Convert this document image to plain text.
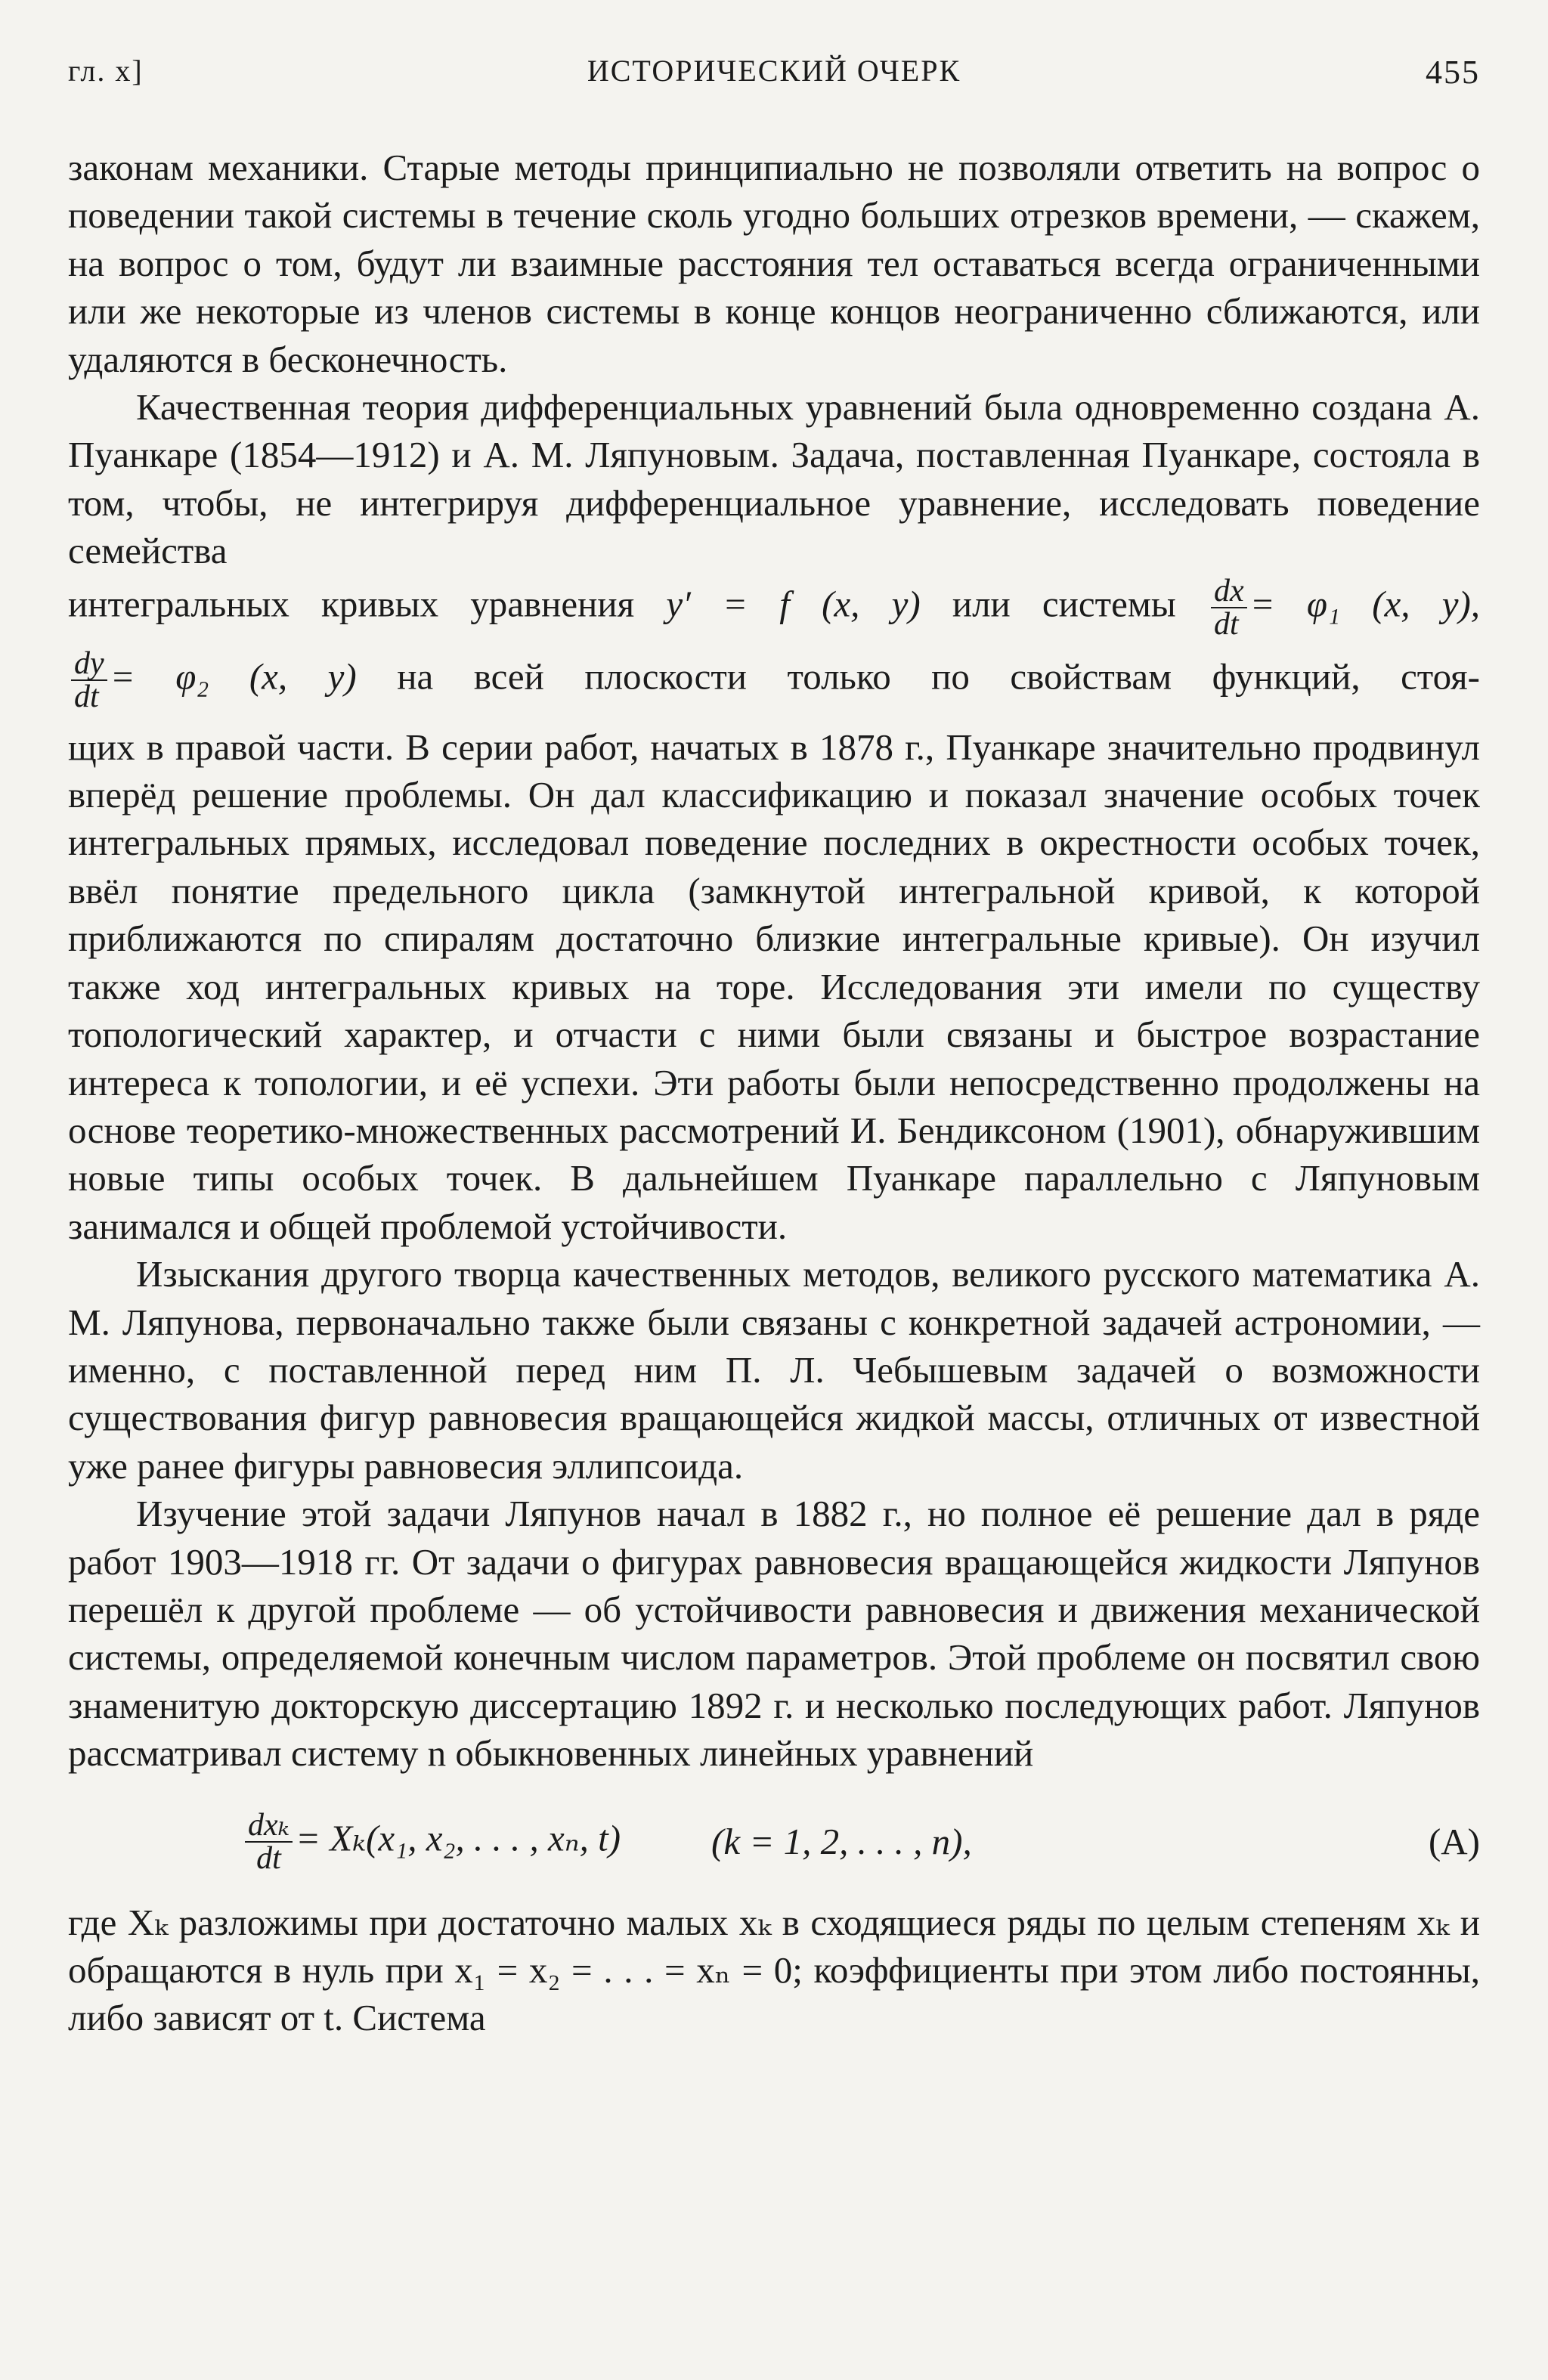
гл. х]	ИСТОРИЧЕСКИЙ ОЧЕРК	455

законам механики. Старые методы принципиально не позволяли ответить на вопрос о поведении такой системы в течение сколь угодно больших отрезков времени, — скажем, на вопрос о том, будут ли взаимные расстояния тел оставаться всегда ограниченными или же некоторые из членов системы в конце концов неограниченно сближаются, или удаляются в бесконечность.

Качественная теория дифференциальных уравнений была одновременно создана А. Пуанкаре (1854—1912) и А. М. Ляпуновым. Задача, поставленная Пуанкаре, состояла в том, чтобы, не интегрируя дифференциальное уравнение, исследовать поведение семейства

интегральных кривых уравнения y′ = f (x, y) или системы $\frac{dx}{dt} = \varphi_1$ (x, y),
$\frac{dy}{dt} = \varphi_2$ (x, y) на всей плоскости только по свойствам функций, стоя-

щих в правой части. В серии работ, начатых в 1878 г., Пуанкаре значительно продвинул вперёд решение проблемы. Он дал классификацию и показал значение особых точек интегральных прямых, исследовал поведение последних в окрестности особых точек, ввёл понятие предельного цикла (замкнутой интегральной кривой, к которой приближаются по спиралям достаточно близкие интегральные кривые). Он изучил также ход интегральных кривых на торе. Исследования эти имели по существу топологический характер, и отчасти с ними были связаны и быстрое возрастание интереса к топологии, и её успехи. Эти работы были непосредственно продолжены на основе теоретико-множественных рассмотрений И. Бендиксоном (1901), обнаружившим новые типы особых точек. В дальнейшем Пуанкаре параллельно с Ляпуновым занимался и общей проблемой устойчивости.

Изыскания другого творца качественных методов, великого русского математика А. М. Ляпунова, первоначально также были связаны с конкретной задачей астрономии, — именно, с поставленной перед ним П. Л. Чебышевым задачей о возможности существования фигур равновесия вращающейся жидкой массы, отличных от известной уже ранее фигуры равновесия эллипсоида.

Изучение этой задачи Ляпунов начал в 1882 г., но полное её решение дал в ряде работ 1903—1918 гг. От задачи о фигурах равновесия вращающейся жидкости Ляпунов перешёл к другой проблеме — об устойчивости равновесия и движения механической системы, определяемой конечным числом параметров. Этой проблеме он посвятил свою знаменитую докторскую диссертацию 1892 г. и несколько последующих работ. Ляпунов рассматривал систему n обыкновенных линейных уравнений

$\frac{\text{dxₖ}}{dt} = X_k(x_1$, x₂, . . . , xₙ, t) (k = 1, 2, . . . , n),	(A)

где Xₖ разложимы при достаточно малых xₖ в сходящиеся ряды по целым степеням xₖ и обращаются в нуль при x₁ = x₂ = . . . = xₙ = 0; коэффициенты при этом либо постоянны, либо зависят от t. Система
